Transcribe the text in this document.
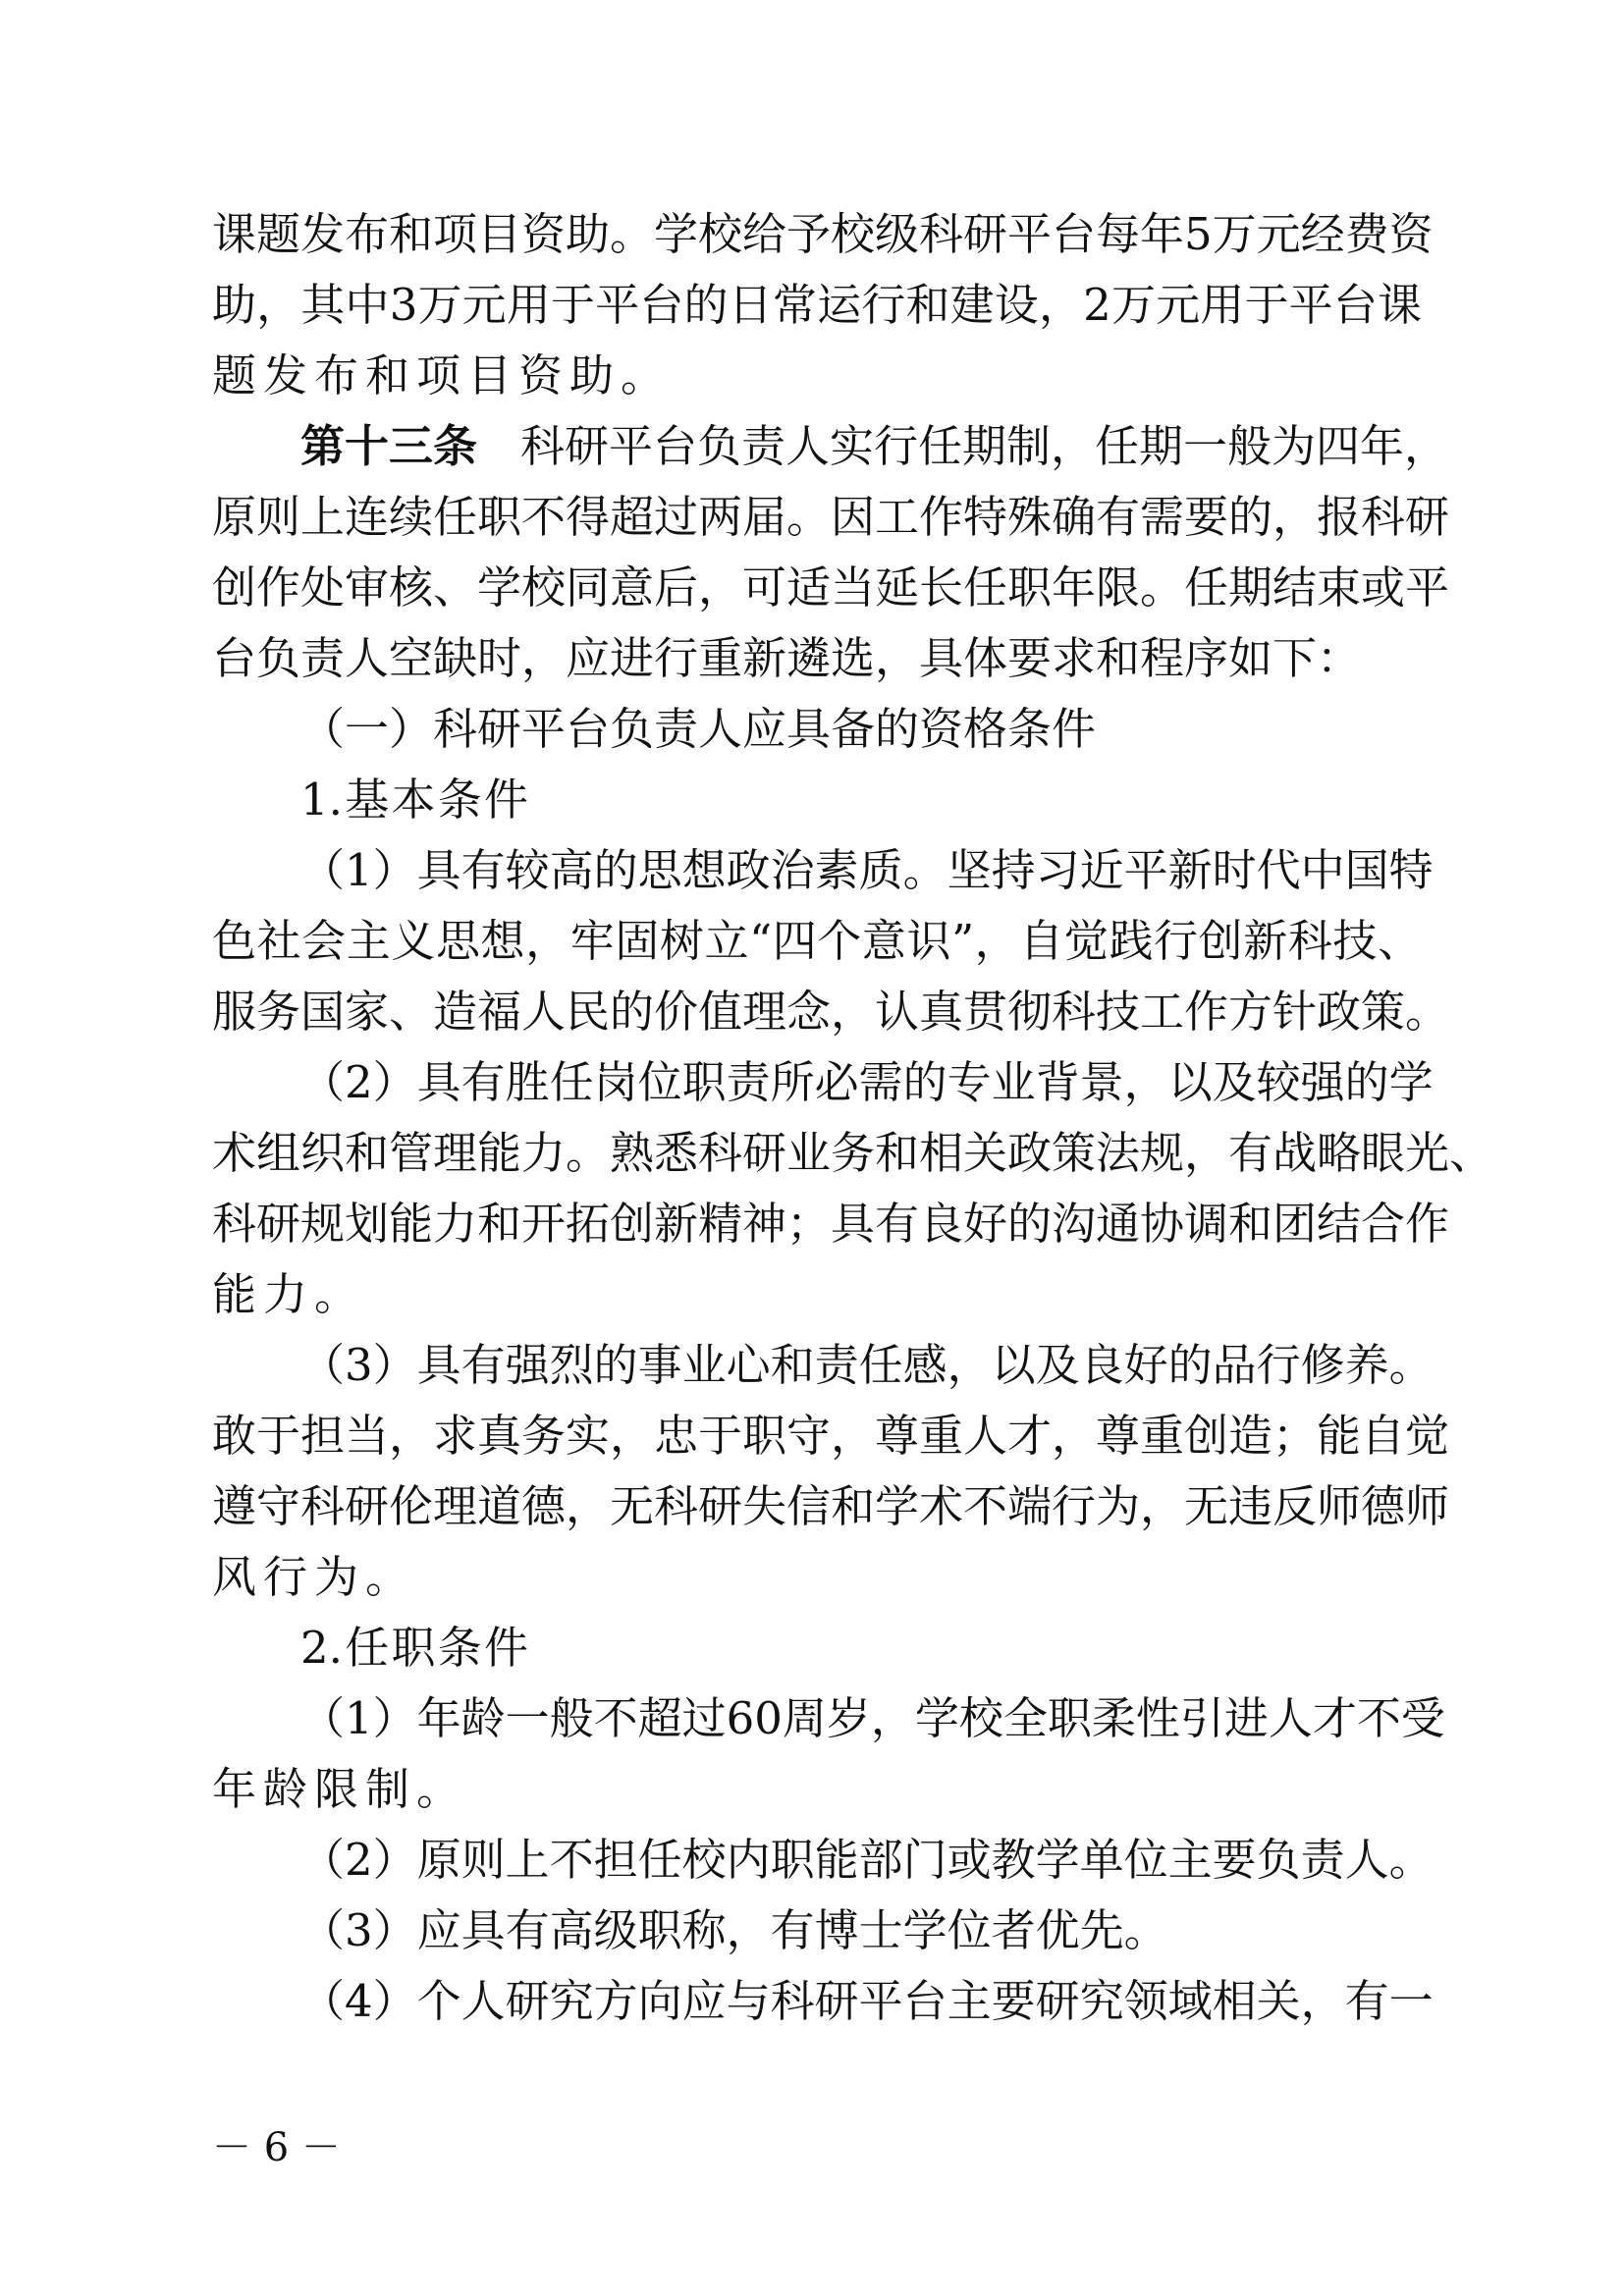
课题发布和项目资助。学校给予校级科研平台每年5万元经费资
助，其中3万元用于平台的日常运行和建设，2万元用于平台课
题发布和项目资助。
第十三条 科研平台负责人实行任期制，任期一般为四年，
原则上连续任职不得超过两届。因工作特殊确有需要的，报科研
创作处审核、学校同意后，可适当延长任职年限。任期结束或平
台负责人空缺时，应进行重新遴选，具体要求和程序如下：
（一）科研平台负责人应具备的资格条件
1.基本条件
（1）具有较高的思想政治素质。坚持习近平新时代中国特
色社会主义思想，牢固树立“四个意识”，自觉践行创新科技、
服务国家、造福人民的价值理念，认真贯彻科技工作方针政策。
（2）具有胜任岗位职责所必需的专业背景，以及较强的学
术组织和管理能力。熟悉科研业务和相关政策法规，有战略眼光、
科研规划能力和开拓创新精神；具有良好的沟通协调和团结合作
能力。
（3）具有强烈的事业心和责任感，以及良好的品行修养。
敢于担当，求真务实，忠于职守，尊重人才，尊重创造；能自觉
遵守科研伦理道德，无科研失信和学术不端行为，无违反师德师
风行为。
2.任职条件
（1）年龄一般不超过60周岁，学校全职柔性引进人才不受
年龄限制。
（2）原则上不担任校内职能部门或教学单位主要负责人。
（3）应具有高级职称，有博士学位者优先。
（4）个人研究方向应与科研平台主要研究领域相关，有一
－ 6 －
